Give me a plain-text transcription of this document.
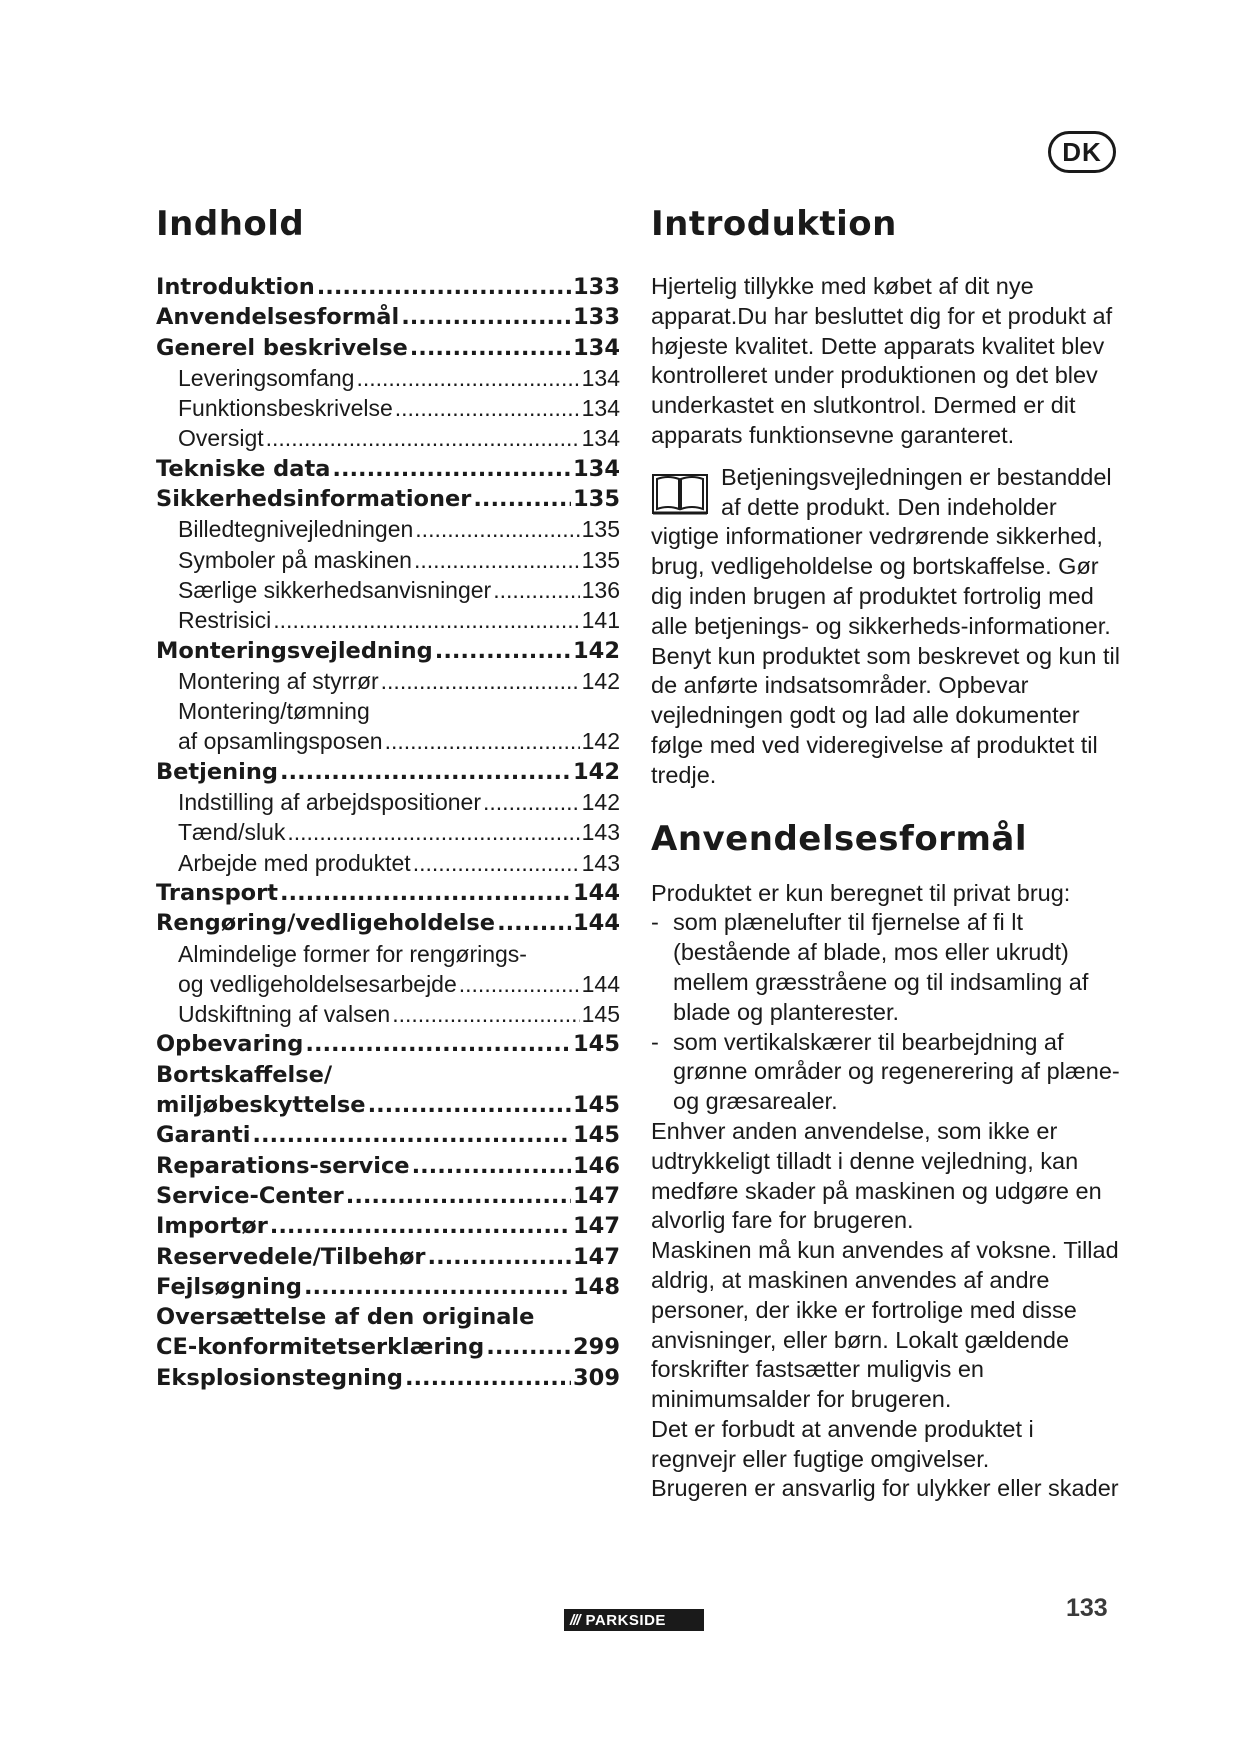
DK
Indhold
Introduktion .....	133
Anvendelsesformål .....	133
Generel beskrivelse .....	134
Leveringsomfang .....	134
Funktionsbeskrivelse .....	134
Oversigt .....	134
Tekniske data .....	134
Sikkerhedsinformationer .....	135
Billedtegnivejledningen .....	135
Symboler på maskinen .....	135
Særlige sikkerhedsanvisninger .....	136
Restrisici .....	141
Monteringsvejledning .....	142
Montering af styrrør .....	142
Montering/tømning
af opsamlingsposen .....	142
Betjening .....	142
Indstilling af arbejdspositioner .....	142
Tænd/sluk .....	143
Arbejde med produktet .....	143
Transport .....	144
Rengøring/vedligeholdelse .....	144
Almindelige former for rengørings-
og vedligeholdelsesarbejde .....	144
Udskiftning af valsen .....	145
Opbevaring .....	145
Bortskaffelse/
miljøbeskyttelse .....	145
Garanti .....	145
Reparations-service .....	146
Service-Center .....	147
Importør .....	147
Reservedele/Tilbehør .....	147
Fejlsøgning .....	148
Oversættelse af den originale
CE-konformitetserklæring .....	299
Eksplosionstegning .....	309
Introduktion

Hjertelig tillykke med købet af dit nye apparat.Du har besluttet dig for et produkt af højeste kvalitet. Dette apparats kvalitet blev kontrolleret under produktionen og det blev underkastet en slutkontrol. Dermed er dit apparats funktionsevne garanteret.

Betjeningsvejledningen er bestanddel af dette produkt. Den indeholder vigtige informationer vedrørende sikkerhed, brug, vedligeholdelse og bortskaffelse. Gør dig inden brugen af produktet fortrolig med alle betjenings- og sikkerheds-informationer. Benyt kun produktet som beskrevet og kun til de anførte indsatsområder. Opbevar vejledningen godt og lad alle dokumenter følge med ved videregivelse af produktet til tredje.

Anvendelsesformål

Produktet er kun beregnet til privat brug:

- som plænelufter til fjernelse af fi lt (bestående af blade, mos eller ukrudt) mellem græsstråene og til indsamling af blade og planterester.
- som vertikalskærer til bearbejdning af grønne områder og regenerering af plæne- og græsarealer.

Enhver anden anvendelse, som ikke er udtrykkeligt tilladt i denne vejledning, kan medføre skader på maskinen og udgøre en alvorlig fare for brugeren.

Maskinen må kun anvendes af voksne. Tillad aldrig, at maskinen anvendes af andre personer, der ikke er fortrolige med disse anvisninger, eller børn. Lokalt gældende forskrifter fastsætter muligvis en minimumsalder for brugeren.

Det er forbudt at anvende produktet i regnvejr eller fugtige omgivelser.

Brugeren er ansvarlig for ulykker eller skader

/// PARKSIDE	133
